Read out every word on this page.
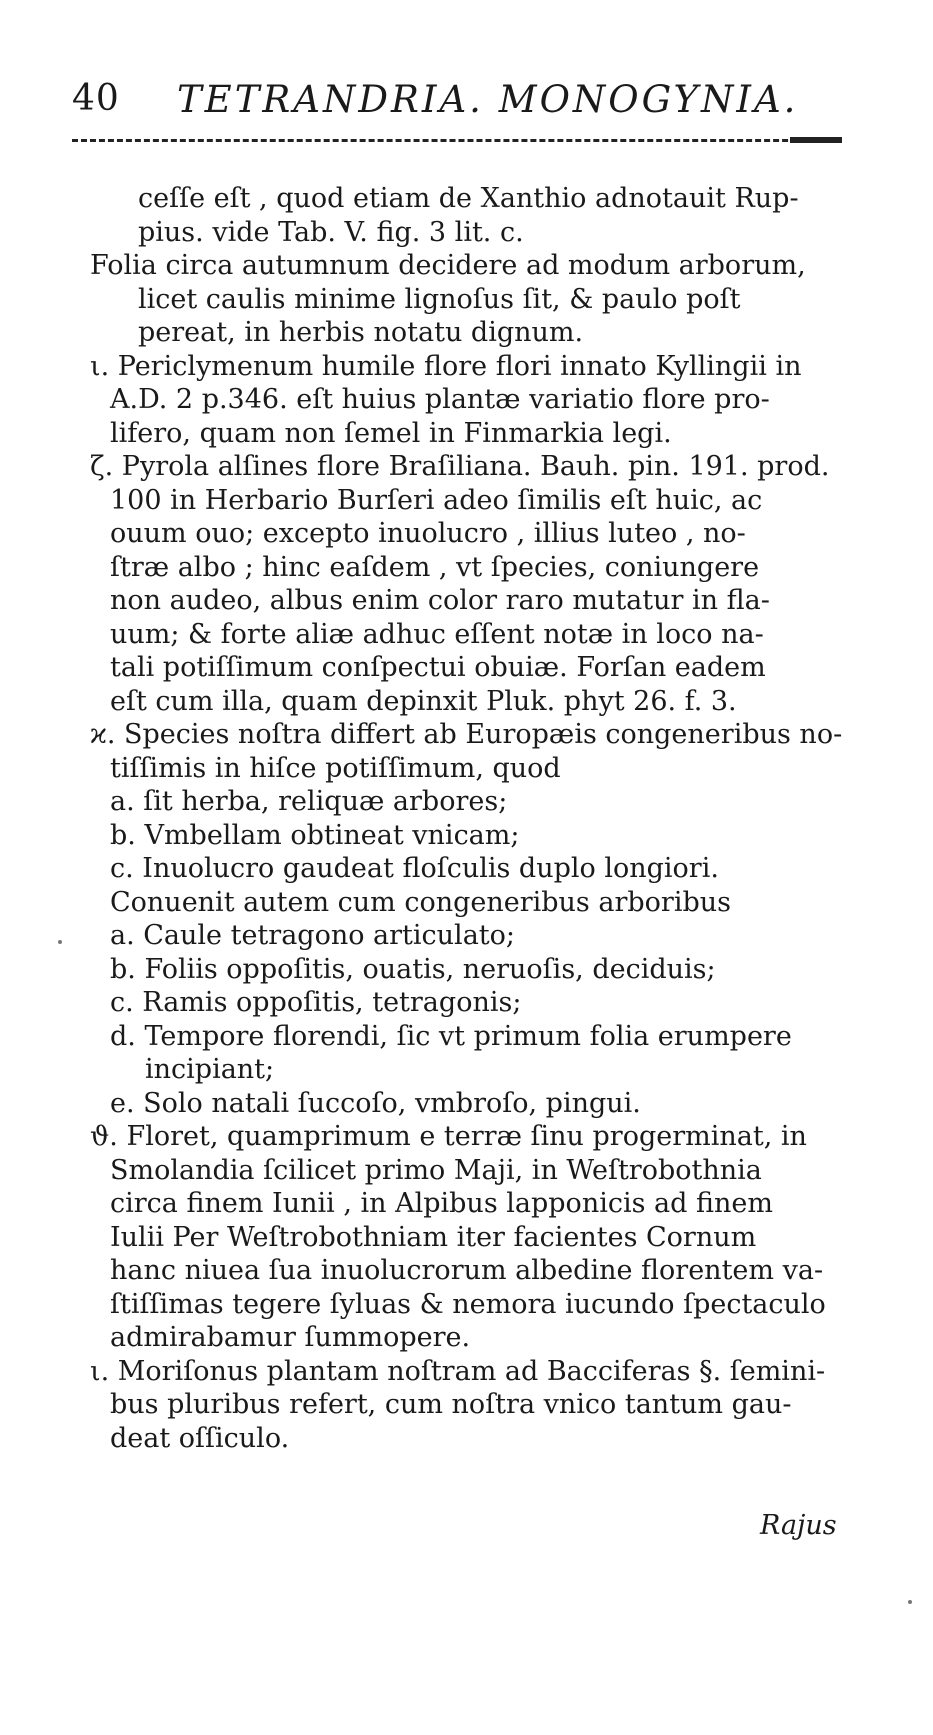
40 TETRANDRIA. MONOGYNIA.
ceſſe eſt , quod etiam de Xanthio adnotauit Rup-
pius. vide Tab. V. fig. 3 lit. c.
Folia circa autumnum decidere ad modum arborum,
licet caulis minime lignoſus ſit, & paulo poſt
pereat, in herbis notatu dignum.
ι. Periclymenum humile flore flori innato Kyllingii in
A.D. 2 p.346. eſt huius plantæ variatio flore pro-
lifero, quam non ſemel in Finmarkia legi.
ζ. Pyrola alſines flore Braſiliana. Bauh. pin. 191. prod.
100 in Herbario Burſeri adeo ſimilis eſt huic, ac
ouum ouo; excepto inuolucro , illius luteo , no-
ſtræ albo ; hinc eaſdem , vt ſpecies, coniungere
non audeo, albus enim color raro mutatur in fla-
uum; & forte aliæ adhuc eſſent notæ in loco na-
tali potiſſimum conſpectui obuiæ. Forſan eadem
eſt cum illa, quam depinxit Pluk. phyt 26. f. 3.
ϰ. Species noſtra differt ab Europæis congeneribus no-
tiſſimis in hiſce potiſſimum, quod
a. ſit herba, reliquæ arbores;
b. Vmbellam obtineat vnicam;
c. Inuolucro gaudeat floſculis duplo longiori.
Conuenit autem cum congeneribus arboribus
a. Caule tetragono articulato;
b. Foliis oppoſitis, ouatis, neruoſis, deciduis;
c. Ramis oppoſitis, tetragonis;
d. Tempore florendi, ſic vt primum folia erumpere
incipiant;
e. Solo natali ſuccoſo, vmbroſo, pingui.
ϑ. Floret, quamprimum e terræ ſinu progerminat, in
Smolandia ſcilicet primo Maji, in Weſtrobothnia
circa finem Iunii , in Alpibus lapponicis ad finem
Iulii Per Weſtrobothniam iter facientes Cornum
hanc niuea ſua inuolucrorum albedine florentem va-
ſtiſſimas tegere ſyluas & nemora iucundo ſpectaculo
admirabamur ſummopere.
ι. Moriſonus plantam noſtram ad Bacciferas §. ſemini-
bus pluribus refert, cum noſtra vnico tantum gau-
deat oſſiculo.
Rajus
